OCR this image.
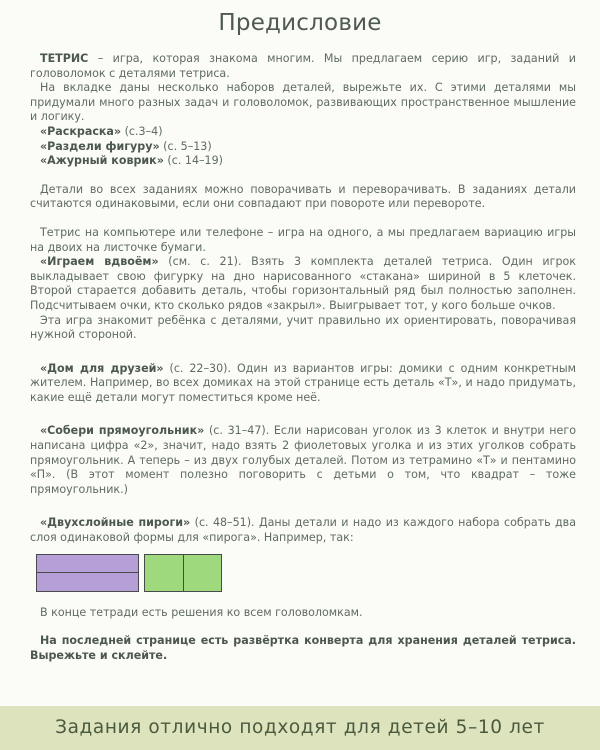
Предисловие

ТЕТРИС – игра, которая знакома многим. Мы предлагаем серию игр, заданий и головоломок с деталями тетриса.

На вкладке даны несколько наборов деталей, вырежьте их. С этими деталями мы придумали много разных задач и головоломок, развивающих пространственное мышление и логику.

«Раскраска» (с.3–4)

«Раздели фигуру» (с. 5–13)

«Ажурный коврик» (с. 14–19)

Детали во всех заданиях можно поворачивать и переворачивать. В заданиях детали считаются одинаковыми, если они совпадают при повороте или перевороте.

Тетрис на компьютере или телефоне – игра на одного, а мы предлагаем вариацию игры на двоих на листочке бумаги.

«Играем вдвоём» (см. с. 21). Взять 3 комплекта деталей тетриса. Один игрок выкладывает свою фигурку на дно нарисованного «стакана» шириной в 5 клеточек. Второй старается добавить деталь, чтобы горизонтальный ряд был полностью заполнен. Подсчитываем очки, кто сколько рядов «закрыл». Выигрывает тот, у кого больше очков.

Эта игра знакомит ребёнка с деталями, учит правильно их ориентировать, поворачивая нужной стороной.

«Дом для друзей» (с. 22–30). Один из вариантов игры: домики с одним конкретным жителем. Например, во всех домиках на этой странице есть деталь «Т», и надо придумать, какие ещё детали могут поместиться кроме неё.

«Собери прямоугольник» (с. 31–47). Если нарисован уголок из 3 клеток и внутри него написана цифра «2», значит, надо взять 2 фиолетовых уголка и из этих уголков собрать прямоугольник. А теперь – из двух голубых деталей. Потом из тетрамино «Т» и пентамино «П». (В этот момент полезно поговорить с детьми о том, что квадрат – тоже прямоугольник.)

«Двухслойные пироги» (с. 48–51). Даны детали и надо из каждого набора собрать два слоя одинаковой формы для «пирога». Например, так:

В конце тетради есть решения ко всем головоломкам.

На последней странице есть развёртка конверта для хранения деталей тетриса. Вырежьте и склейте.

Задания отлично подходят для детей 5–10 лет
